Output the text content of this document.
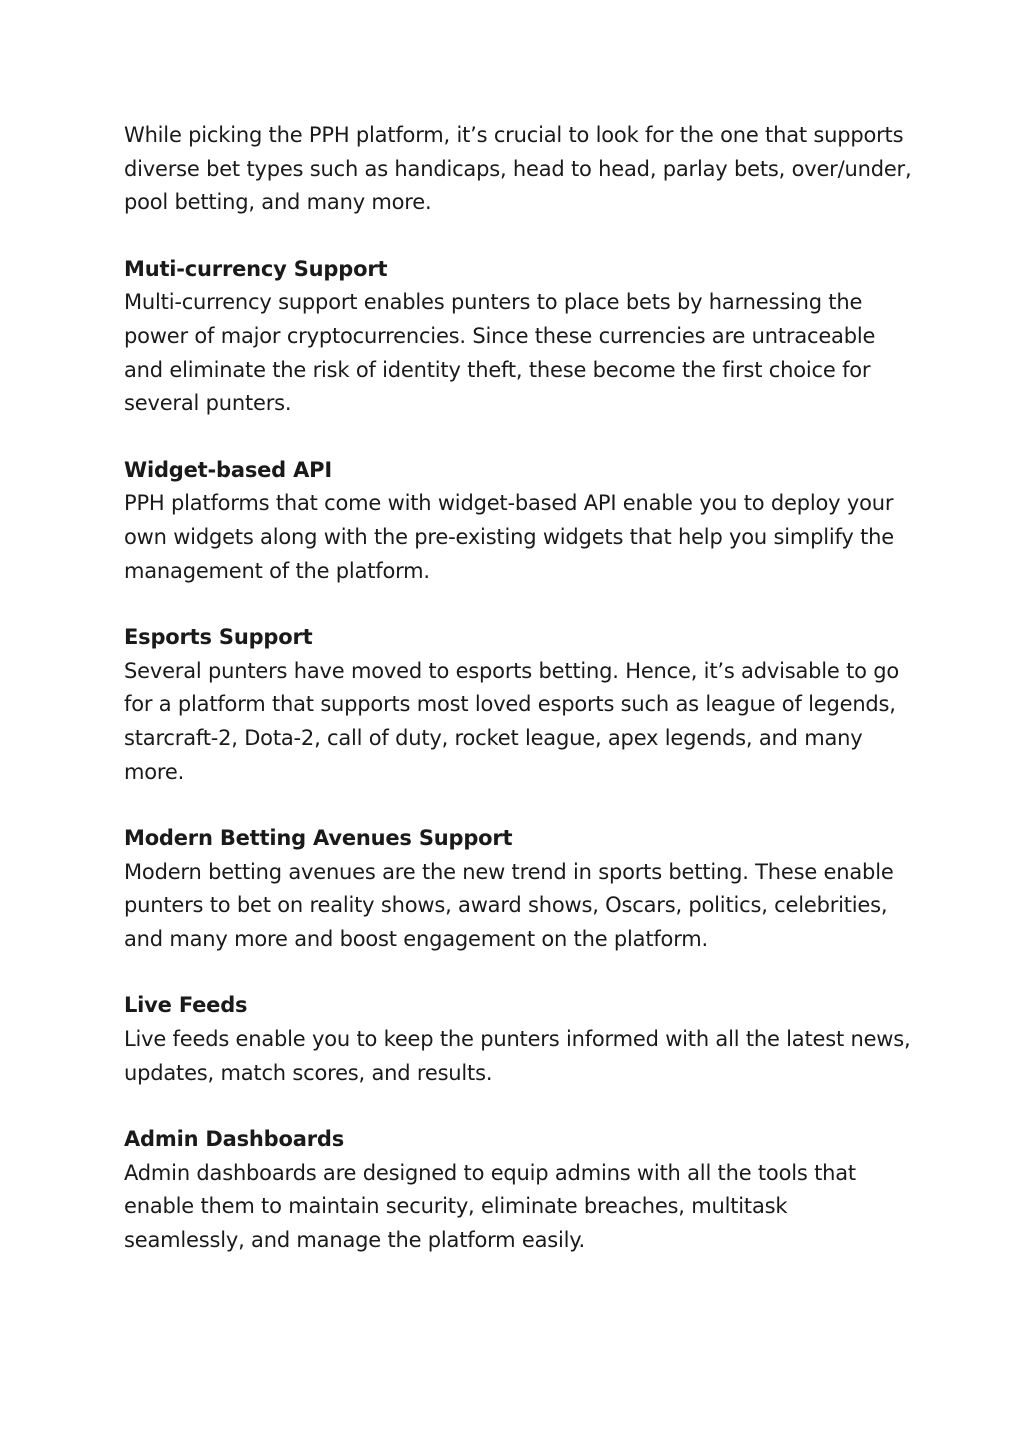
While picking the PPH platform, it’s crucial to look for the one that supports diverse bet types such as handicaps, head to head, parlay bets, over/under, pool betting, and many more.

Muti-currency Support

Multi-currency support enables punters to place bets by harnessing the power of major cryptocurrencies. Since these currencies are untraceable and eliminate the risk of identity theft, these become the first choice for several punters.

Widget-based API

PPH platforms that come with widget-based API enable you to deploy your own widgets along with the pre-existing widgets that help you simplify the management of the platform.

Esports Support

Several punters have moved to esports betting. Hence, it’s advisable to go for a platform that supports most loved esports such as league of legends, starcraft-2, Dota-2, call of duty, rocket league, apex legends, and many more.

Modern Betting Avenues Support

Modern betting avenues are the new trend in sports betting. These enable punters to bet on reality shows, award shows, Oscars, politics, celebrities, and many more and boost engagement on the platform.

Live Feeds

Live feeds enable you to keep the punters informed with all the latest news, updates, match scores, and results.

Admin Dashboards

Admin dashboards are designed to equip admins with all the tools that enable them to maintain security, eliminate breaches, multitask seamlessly, and manage the platform easily.
